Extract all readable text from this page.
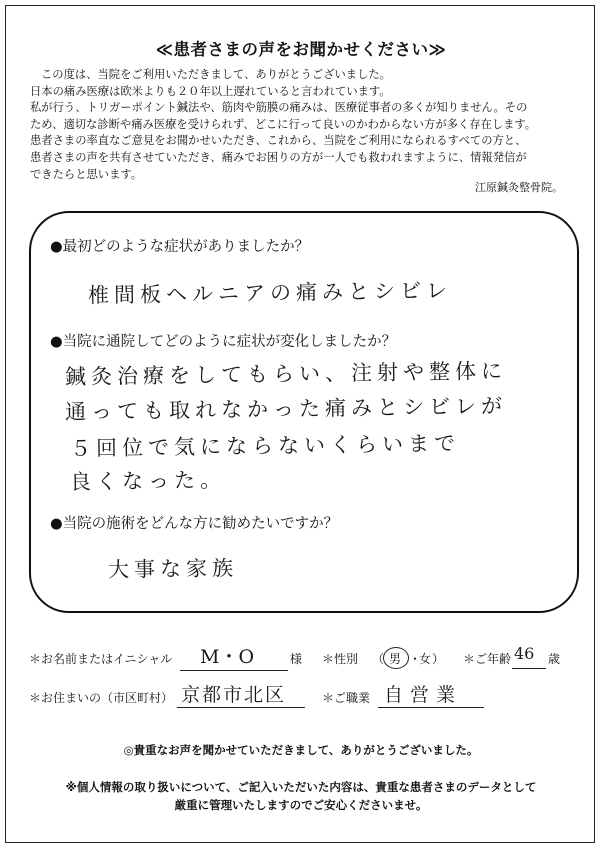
≪患者さまの声をお聞かせください≫
この度は、当院をご利用いただきまして、ありがとうございました。
日本の痛み医療は欧米よりも２０年以上遅れていると言われています。
私が行う、トリガーポイント鍼法や、筋肉や筋膜の痛みは、医療従事者の多くが知りません。その
ため、適切な診断や痛み医療を受けられず、どこに行って良いのかわからない方が多く存在します。
患者さまの率直なご意見をお聞かせいただき、これから、当院をご利用になられるすべての方と、
患者さまの声を共有させていただき、痛みでお困りの方が一人でも救われますように、情報発信が
できたらと思います。
江原鍼灸整骨院。
●最初どのような症状がありましたか？
椎間板ヘルニアの痛みとシビレ
●当院に通院してどのように症状が変化しましたか？
鍼灸治療をしてもらい、注射や整体に
通っても取れなかった痛みとシビレが
５回位で気にならないくらいまで
良くなった。
●当院の施術をどんな方に勧めたいですか？
大事な家族
＊お名前またはイニシャル M・O	様 ＊性別 （ 男 ・
女 ） ＊ご年齢 46 歳
＊お住まいの（市区町村） 京都市北区	＊ご職業 自営業
◎貴重なお声を聞かせていただきまして、ありがとうございました。
※個人情報の取り扱いについて、ご記入いただいた内容は、貴重な患者さまのデータとして
厳重に管理いたしますのでご安心くださいませ。
